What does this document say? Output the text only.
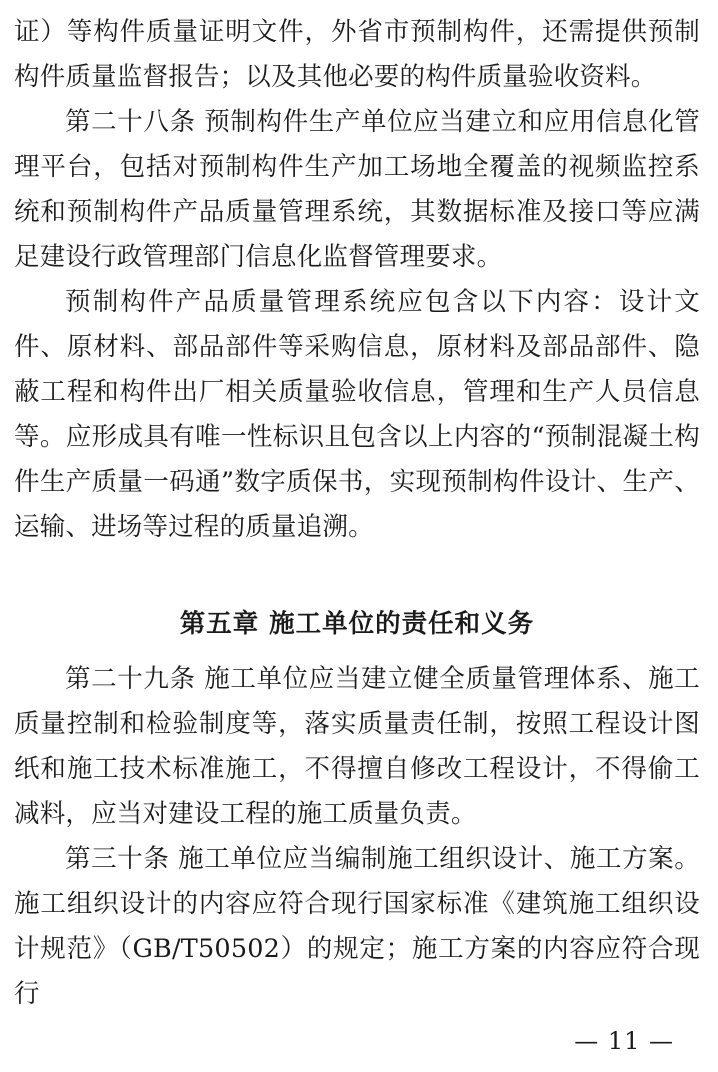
证）等构件质量证明文件，外省市预制构件，还需提供预制构件质量监督报告；以及其他必要的构件质量验收资料。

第二十八条 预制构件生产单位应当建立和应用信息化管理平台，包括对预制构件生产加工场地全覆盖的视频监控系统和预制构件产品质量管理系统，其数据标准及接口等应满足建设行政管理部门信息化监督管理要求。

预制构件产品质量管理系统应包含以下内容：设计文件、原材料、部品部件等采购信息，原材料及部品部件、隐蔽工程和构件出厂相关质量验收信息，管理和生产人员信息等。应形成具有唯一性标识且包含以上内容的“预制混凝土构件生产质量一码通”数字质保书，实现预制构件设计、生产、运输、进场等过程的质量追溯。

第五章 施工单位的责任和义务

第二十九条 施工单位应当建立健全质量管理体系、施工质量控制和检验制度等，落实质量责任制，按照工程设计图纸和施工技术标准施工，不得擅自修改工程设计，不得偷工减料，应当对建设工程的施工质量负责。

第三十条 施工单位应当编制施工组织设计、施工方案。施工组织设计的内容应符合现行国家标准《建筑施工组织设计规范》（GB/T50502）的规定；施工方案的内容应符合现行

— 11 —
